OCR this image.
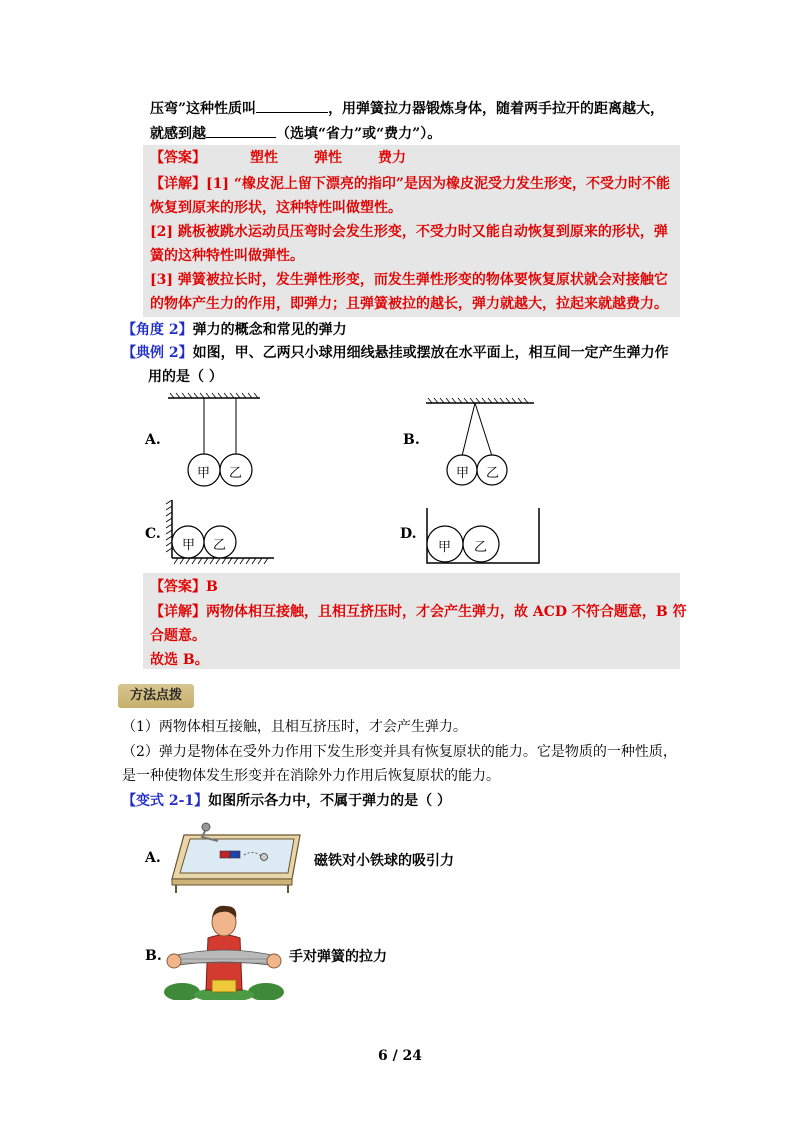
压弯”这种性质叫	，用弹簧拉力器锻炼身体，随着两手拉开的距离越大，
就感到越	（选填“省力”或“费力”）。
【答案】	塑性	弹性	费力
【详解】[1] “橡皮泥上留下漂亮的指印”是因为橡皮泥受力发生形变，不受力时不能
恢复到原来的形状，这种特性叫做塑性。
[2] 跳板被跳水运动员压弯时会发生形变，不受力时又能自动恢复到原来的形状，弹
簧的这种特性叫做弹性。
[3] 弹簧被拉长时，发生弹性形变，而发生弹性形变的物体要恢复原状就会对接触它
的物体产生力的作用，即弹力；且弹簧被拉的越长，弹力就越大，拉起来就越费力。
【角度 2】弹力的概念和常见的弹力
【典例 2】如图，甲、乙两只小球用细线悬挂或摆放在水平面上，相互间一定产生弹力作
用的是（ ）
A.
甲 乙
B.
甲 乙
C.
甲 乙
D.
甲 乙
【答案】B
【详解】两物体相互接触，且相互挤压时，才会产生弹力，故 ACD 不符合题意，B 符
合题意。
故选 B。
方法点拨
（1）两物体相互接触，且相互挤压时，才会产生弹力。
（2）弹力是物体在受外力作用下发生形变并具有恢复原状的能力。它是物质的一种性质，
是一种使物体发生形变并在消除外力作用后恢复原状的能力。
【变式 2-1】如图所示各力中，不属于弹力的是（ ）
A.	磁铁对小铁球的吸引力
B.	手对弹簧的拉力
6 / 24
